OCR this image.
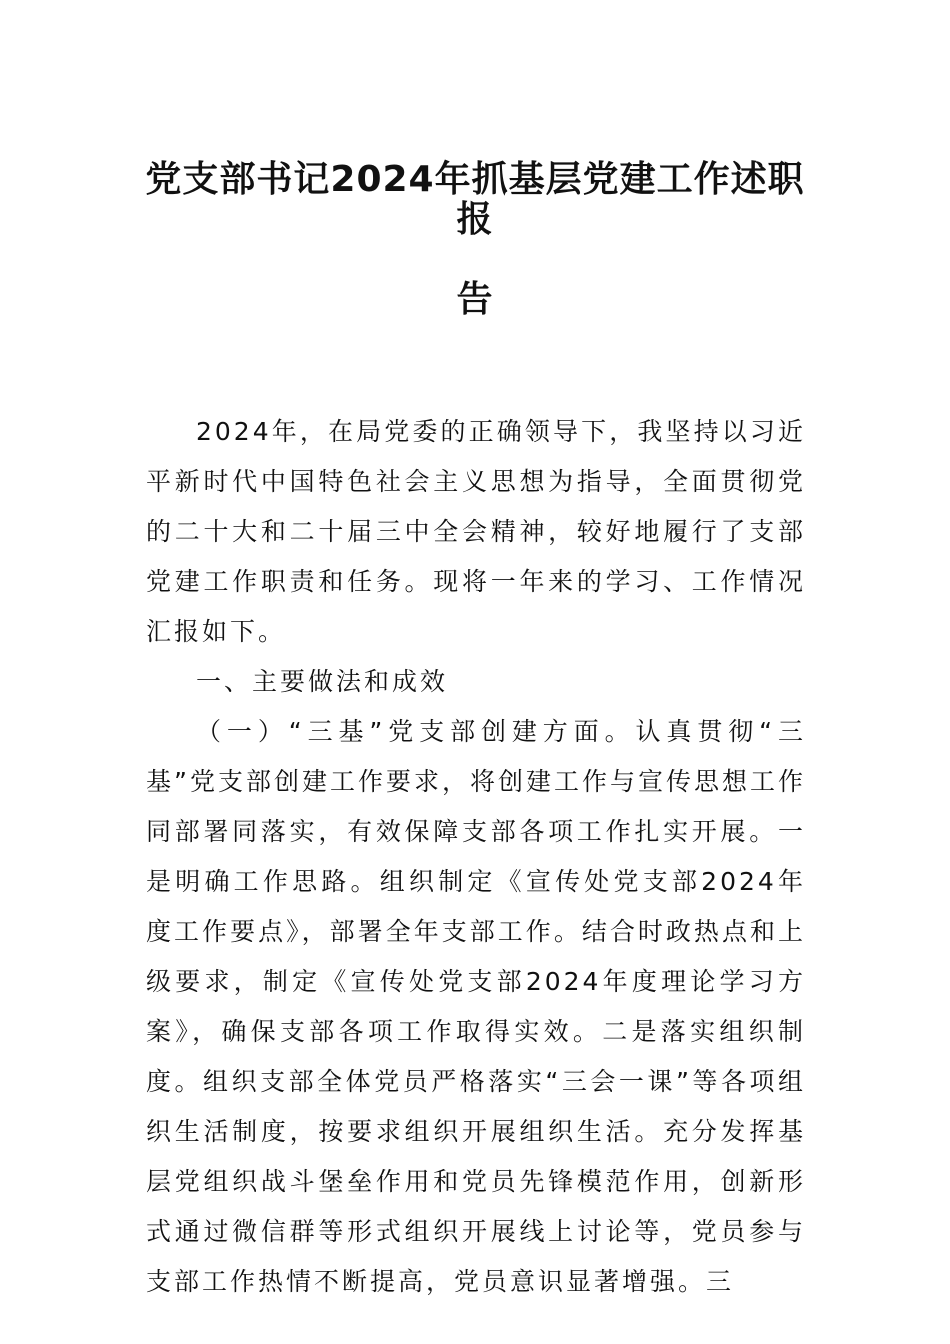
党支部书记2024年抓基层党建工作述职报
告

2024年，在局党委的正确领导下，我坚持以习近平新时代中国特色社会主义思想为指导，全面贯彻党的二十大和二十届三中全会精神，较好地履行了支部党建工作职责和任务。现将一年来的学习、工作情况汇报如下。

一、主要做法和成效

（一）“三基”党支部创建方面。认真贯彻“三基”党支部创建工作要求，将创建工作与宣传思想工作同部署同落实，有效保障支部各项工作扎实开展。一是明确工作思路。组织制定《宣传处党支部2024年度工作要点》，部署全年支部工作。结合时政热点和上级要求，制定《宣传处党支部2024年度理论学习方案》，确保支部各项工作取得实效。二是落实组织制度。组织支部全体党员严格落实“三会一课”等各项组织生活制度，按要求组织开展组织生活。充分发挥基层党组织战斗堡垒作用和党员先锋模范作用，创新形式通过微信群等形式组织开展线上讨论等，党员参与支部工作热情不断提高，党员意识显著增强。三
